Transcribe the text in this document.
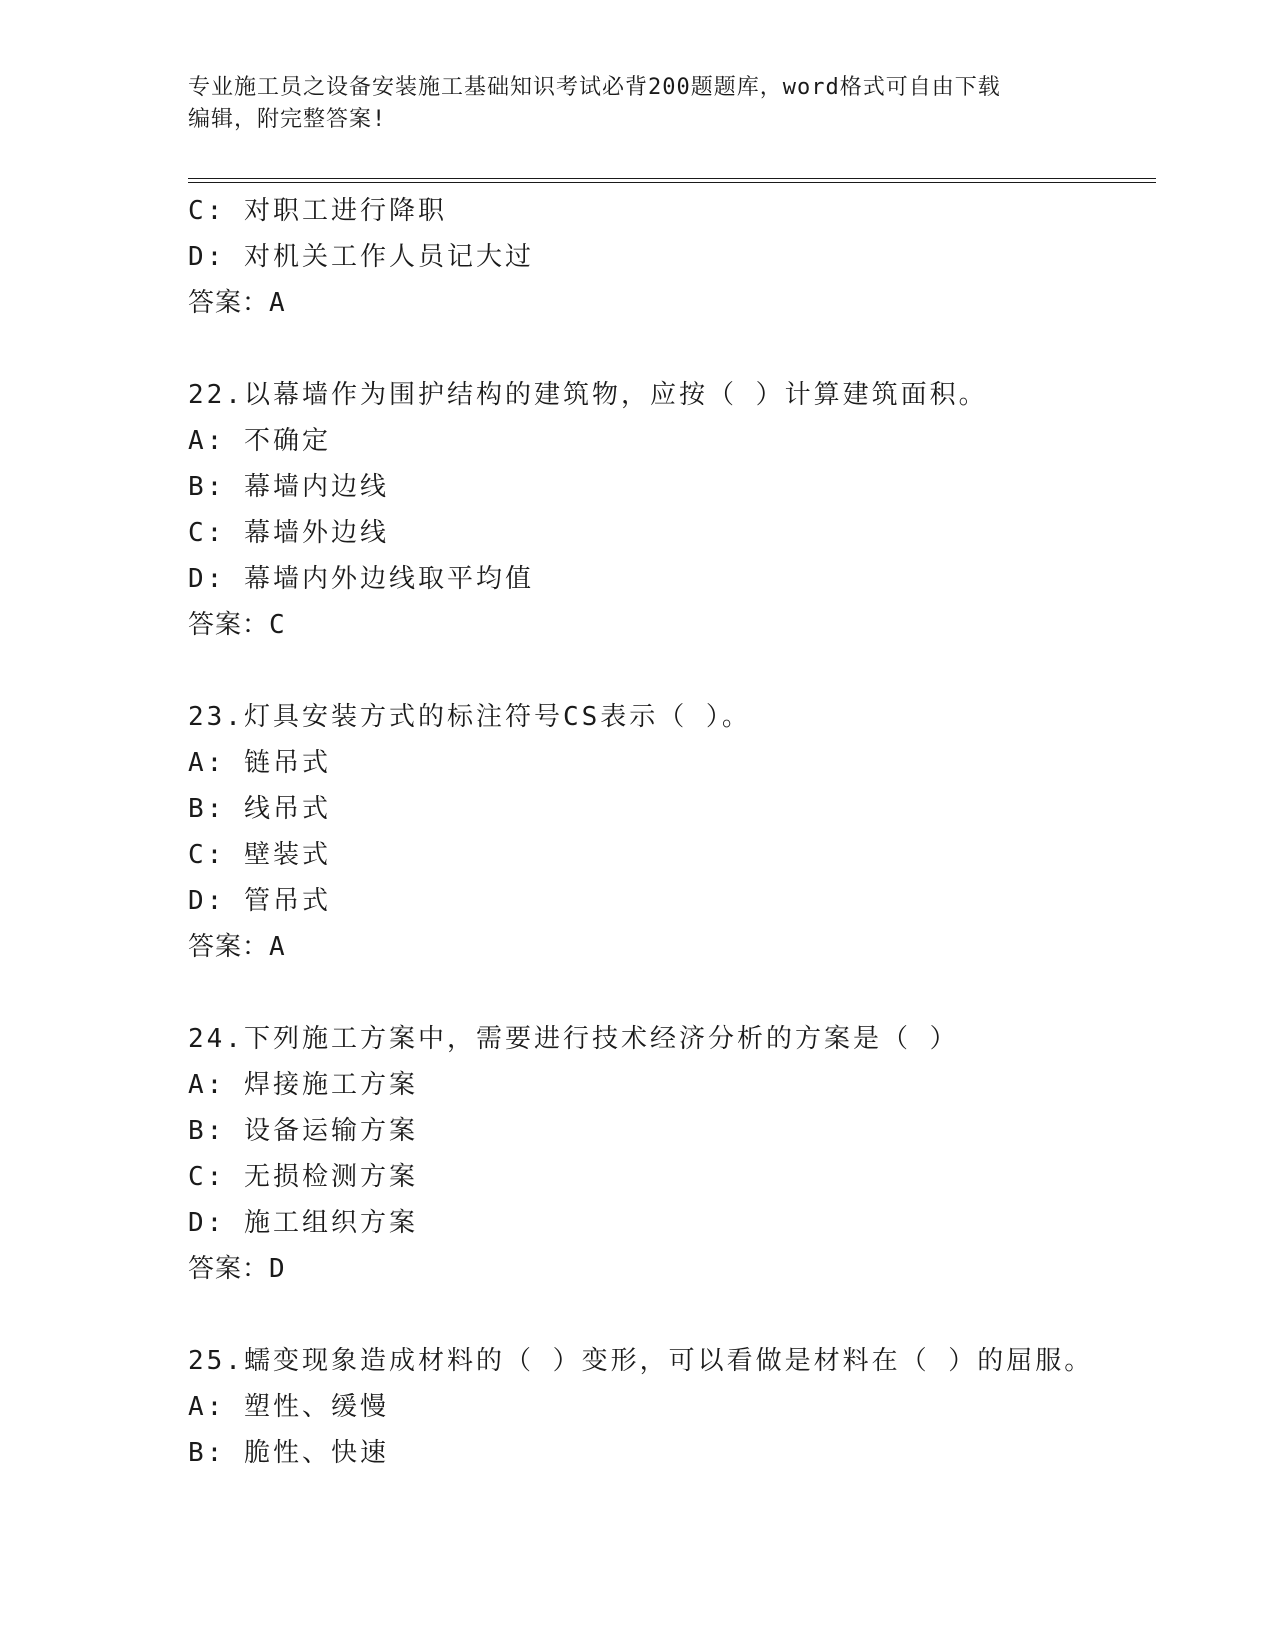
专业施工员之设备安装施工基础知识考试必背200题题库，word格式可自由下载
编辑，附完整答案!
C: 对职工进行降职
D: 对机关工作人员记大过
答案：A
22.以幕墙作为围护结构的建筑物，应按（ ）计算建筑面积。
A: 不确定
B: 幕墙内边线
C: 幕墙外边线
D: 幕墙内外边线取平均值
答案：C
23.灯具安装方式的标注符号CS表示（ ）。
A: 链吊式
B: 线吊式
C: 壁装式
D: 管吊式
答案：A
24.下列施工方案中，需要进行技术经济分析的方案是（ ）
A: 焊接施工方案
B: 设备运输方案
C: 无损检测方案
D: 施工组织方案
答案：D
25.蠕变现象造成材料的（ ）变形，可以看做是材料在（ ）的屈服。
A: 塑性、缓慢
B: 脆性、快速
